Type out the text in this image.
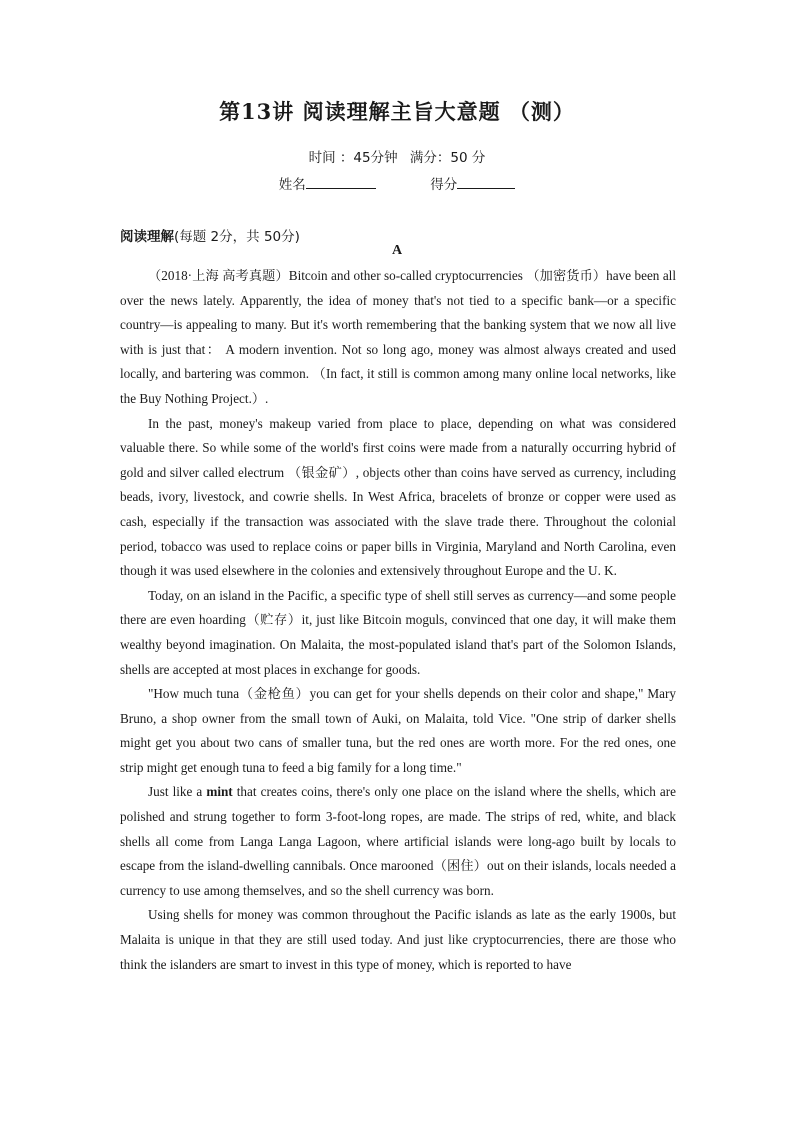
第13讲 阅读理解主旨大意题 （测）
时间 ：45分钟 满分：50 分
姓名	得分
阅读理解(每题 2分，共 50分)
A

（2018·上海 高考真题）Bitcoin and other so-called cryptocurrencies （加密货币）have been all over the news lately. Apparently, the idea of money that's not tied to a specific bank—or a specific country—is appealing to many. But it's worth remembering that the banking system that we now all live with is just that： A modern invention. Not so long ago, money was almost always created and used locally, and bartering was common. （In fact, it still is common among many online local networks, like the Buy Nothing Project.）.

In the past, money's makeup varied from place to place, depending on what was considered valuable there. So while some of the world's first coins were made from a naturally occurring hybrid of gold and silver called electrum （银金矿）, objects other than coins have served as currency, including beads, ivory, livestock, and cowrie shells. In West Africa, bracelets of bronze or copper were used as cash, especially if the transaction was associated with the slave trade there. Throughout the colonial period, tobacco was used to replace coins or paper bills in Virginia, Maryland and North Carolina, even though it was used elsewhere in the colonies and extensively throughout Europe and the U. K.

Today, on an island in the Pacific, a specific type of shell still serves as currency—and some people there are even hoarding（贮存）it, just like Bitcoin moguls, convinced that one day, it will make them wealthy beyond imagination. On Malaita, the most-populated island that's part of the Solomon Islands, shells are accepted at most places in exchange for goods.

"How much tuna（金枪鱼）you can get for your shells depends on their color and shape," Mary Bruno, a shop owner from the small town of Auki, on Malaita, told Vice. "One strip of darker shells might get you about two cans of smaller tuna, but the red ones are worth more. For the red ones, one strip might get enough tuna to feed a big family for a long time."

Just like a mint that creates coins, there's only one place on the island where the shells, which are polished and strung together to form 3-foot-long ropes, are made. The strips of red, white, and black shells all come from Langa Langa Lagoon, where artificial islands were long-ago built by locals to escape from the island-dwelling cannibals. Once marooned（困住）out on their islands, locals needed a currency to use among themselves, and so the shell currency was born.

Using shells for money was common throughout the Pacific islands as late as the early 1900s, but Malaita is unique in that they are still used today. And just like cryptocurrencies, there are those who think the islanders are smart to invest in this type of money, which is reported to have
